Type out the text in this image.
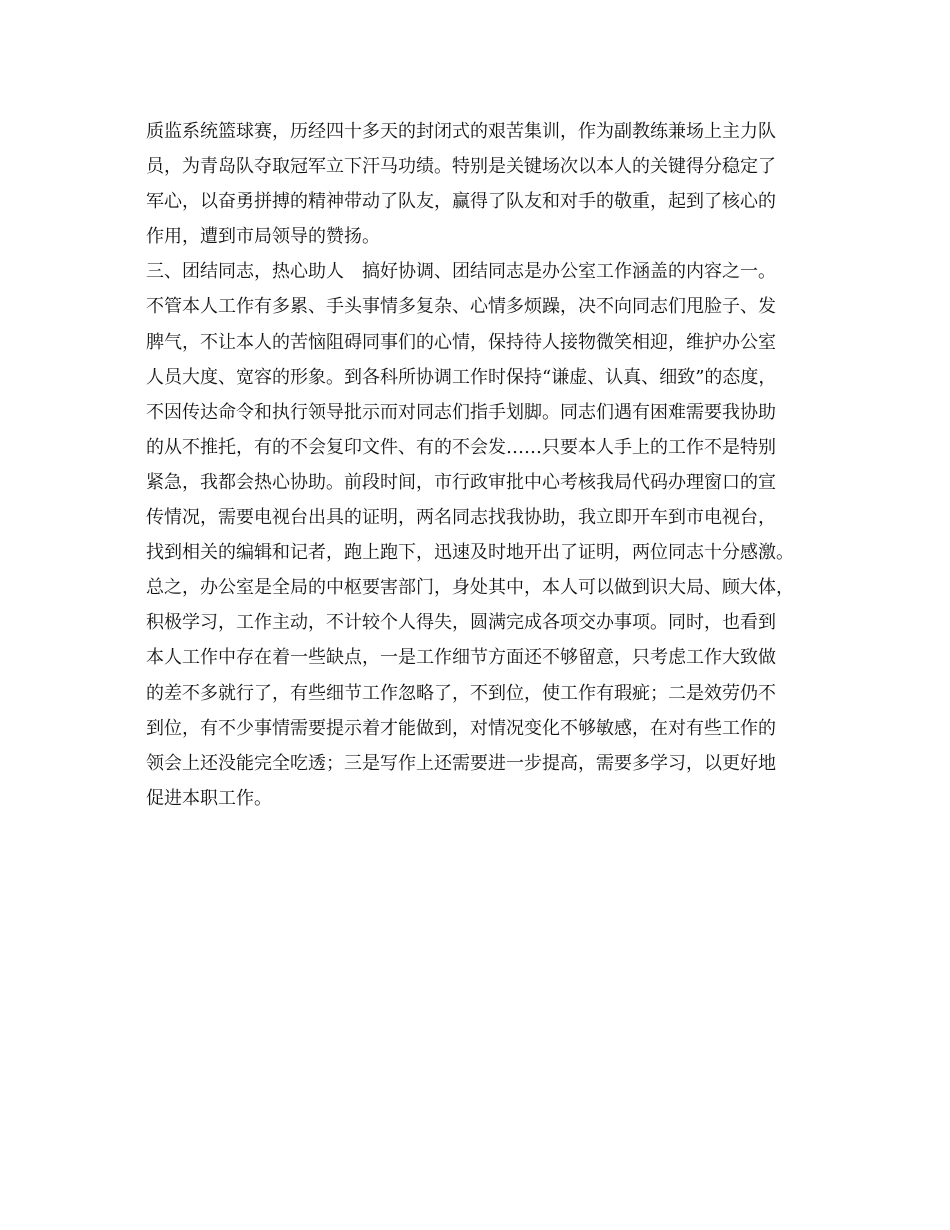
质监系统篮球赛，历经四十多天的封闭式的艰苦集训，作为副教练兼场上主力队
员，为青岛队夺取冠军立下汗马功绩。特别是关键场次以本人的关键得分稳定了
军心，以奋勇拼搏的精神带动了队友，赢得了队友和对手的敬重，起到了核心的
作用，遭到市局领导的赞扬。
三、团结同志，热心助人　搞好协调、团结同志是办公室工作涵盖的内容之一。
不管本人工作有多累、手头事情多复杂、心情多烦躁，决不向同志们甩脸子、发
脾气，不让本人的苦恼阻碍同事们的心情，保持待人接物微笑相迎，维护办公室
人员大度、宽容的形象。到各科所协调工作时保持“谦虚、认真、细致”的态度，
不因传达命令和执行领导批示而对同志们指手划脚。同志们遇有困难需要我协助
的从不推托，有的不会复印文件、有的不会发……只要本人手上的工作不是特别
紧急，我都会热心协助。前段时间，市行政审批中心考核我局代码办理窗口的宣
传情况，需要电视台出具的证明，两名同志找我协助，我立即开车到市电视台，
找到相关的编辑和记者，跑上跑下，迅速及时地开出了证明，两位同志十分感激。
总之，办公室是全局的中枢要害部门，身处其中，本人可以做到识大局、顾大体，
积极学习，工作主动，不计较个人得失，圆满完成各项交办事项。同时，也看到
本人工作中存在着一些缺点，一是工作细节方面还不够留意，只考虑工作大致做
的差不多就行了，有些细节工作忽略了，不到位，使工作有瑕疵；二是效劳仍不
到位，有不少事情需要提示着才能做到，对情况变化不够敏感，在对有些工作的
领会上还没能完全吃透；三是写作上还需要进一步提高，需要多学习，以更好地
促进本职工作。
